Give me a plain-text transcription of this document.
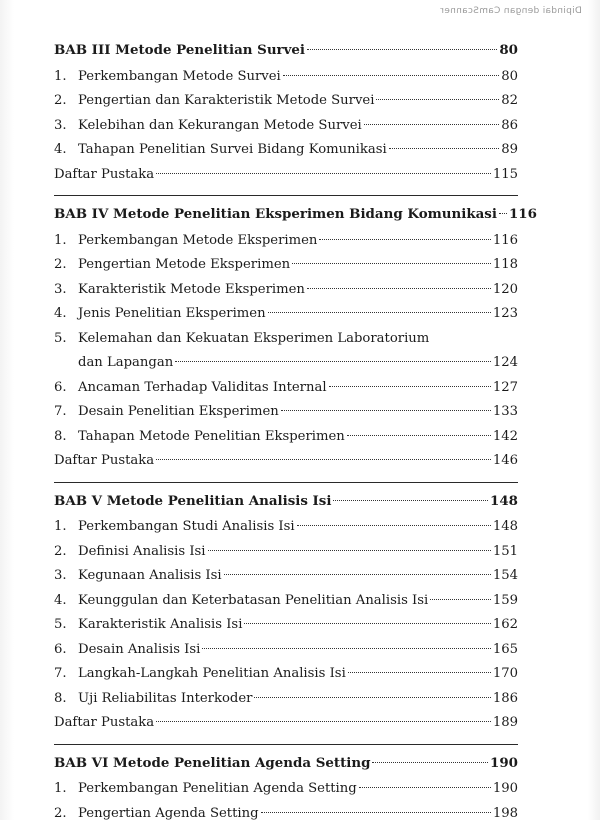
Dipindai dengan CamScanner
BAB III Metode Penelitian Survei	80
1. Perkembangan Metode Survei	80
2. Pengertian dan Karakteristik Metode Survei	82
3. Kelebihan dan Kekurangan Metode Survei	86
4. Tahapan Penelitian Survei Bidang Komunikasi	89
Daftar Pustaka	115
BAB IV Metode Penelitian Eksperimen Bidang Komunikasi 116
1. Perkembangan Metode Eksperimen	116
2. Pengertian Metode Eksperimen	118
3. Karakteristik Metode Eksperimen	120
4. Jenis Penelitian Eksperimen	123
5. Kelemahan dan Kekuatan Eksperimen Laboratorium
dan Lapangan	124
6. Ancaman Terhadap Validitas Internal	127
7. Desain Penelitian Eksperimen	133
8. Tahapan Metode Penelitian Eksperimen	142
Daftar Pustaka	146
BAB V Metode Penelitian Analisis Isi	148
1. Perkembangan Studi Analisis Isi	148
2. Definisi Analisis Isi	151
3. Kegunaan Analisis Isi	154
4. Keunggulan dan Keterbatasan Penelitian Analisis Isi	159
5. Karakteristik Analisis Isi	162
6. Desain Analisis Isi	165
7. Langkah-Langkah Penelitian Analisis Isi	170
8. Uji Reliabilitas Interkoder	186
Daftar Pustaka	189
BAB VI Metode Penelitian Agenda Setting	190
1. Perkembangan Penelitian Agenda Setting	190
2. Pengertian Agenda Setting	198
